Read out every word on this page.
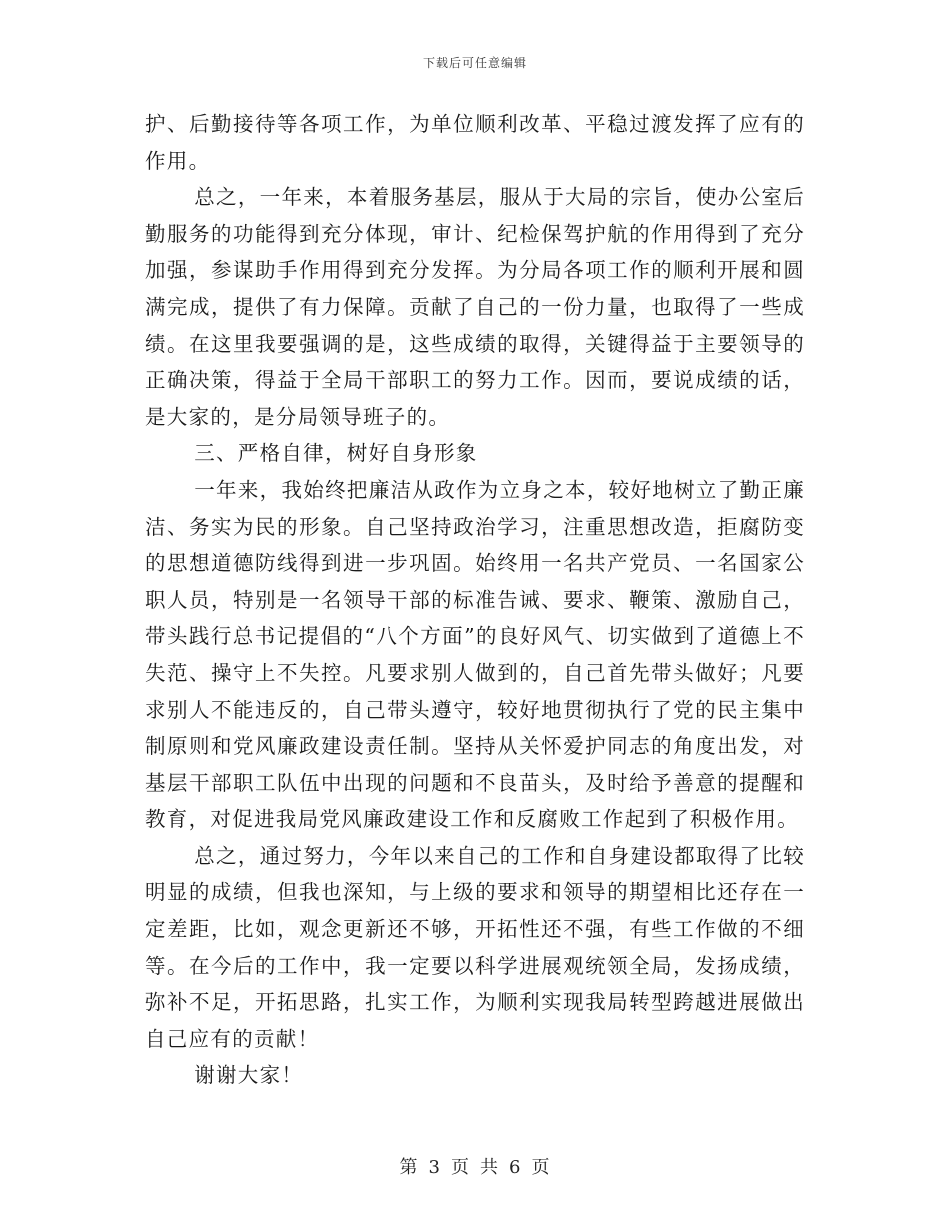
下载后可任意编辑

护、后勤接待等各项工作，为单位顺利改革、平稳过渡发挥了应有的作用。

总之，一年来，本着服务基层，服从于大局的宗旨，使办公室后勤服务的功能得到充分体现，审计、纪检保驾护航的作用得到了充分加强，参谋助手作用得到充分发挥。为分局各项工作的顺利开展和圆满完成，提供了有力保障。贡献了自己的一份力量，也取得了一些成绩。在这里我要强调的是，这些成绩的取得，关键得益于主要领导的正确决策，得益于全局干部职工的努力工作。因而，要说成绩的话，是大家的，是分局领导班子的。

三、严格自律，树好自身形象

一年来，我始终把廉洁从政作为立身之本，较好地树立了勤正廉洁、务实为民的形象。自己坚持政治学习，注重思想改造，拒腐防变的思想道德防线得到进一步巩固。始终用一名共产党员、一名国家公职人员，特别是一名领导干部的标准告诫、要求、鞭策、激励自己，带头践行总书记提倡的“八个方面”的良好风气、切实做到了道德上不失范、操守上不失控。凡要求别人做到的，自己首先带头做好；凡要求别人不能违反的，自己带头遵守，较好地贯彻执行了党的民主集中制原则和党风廉政建设责任制。坚持从关怀爱护同志的角度出发，对基层干部职工队伍中出现的问题和不良苗头，及时给予善意的提醒和教育，对促进我局党风廉政建设工作和反腐败工作起到了积极作用。

总之，通过努力，今年以来自己的工作和自身建设都取得了比较明显的成绩，但我也深知，与上级的要求和领导的期望相比还存在一定差距，比如，观念更新还不够，开拓性还不强，有些工作做的不细等。在今后的工作中，我一定要以科学进展观统领全局，发扬成绩，弥补不足，开拓思路，扎实工作，为顺利实现我局转型跨越进展做出自己应有的贡献！

谢谢大家！

第 3 页 共 6 页
